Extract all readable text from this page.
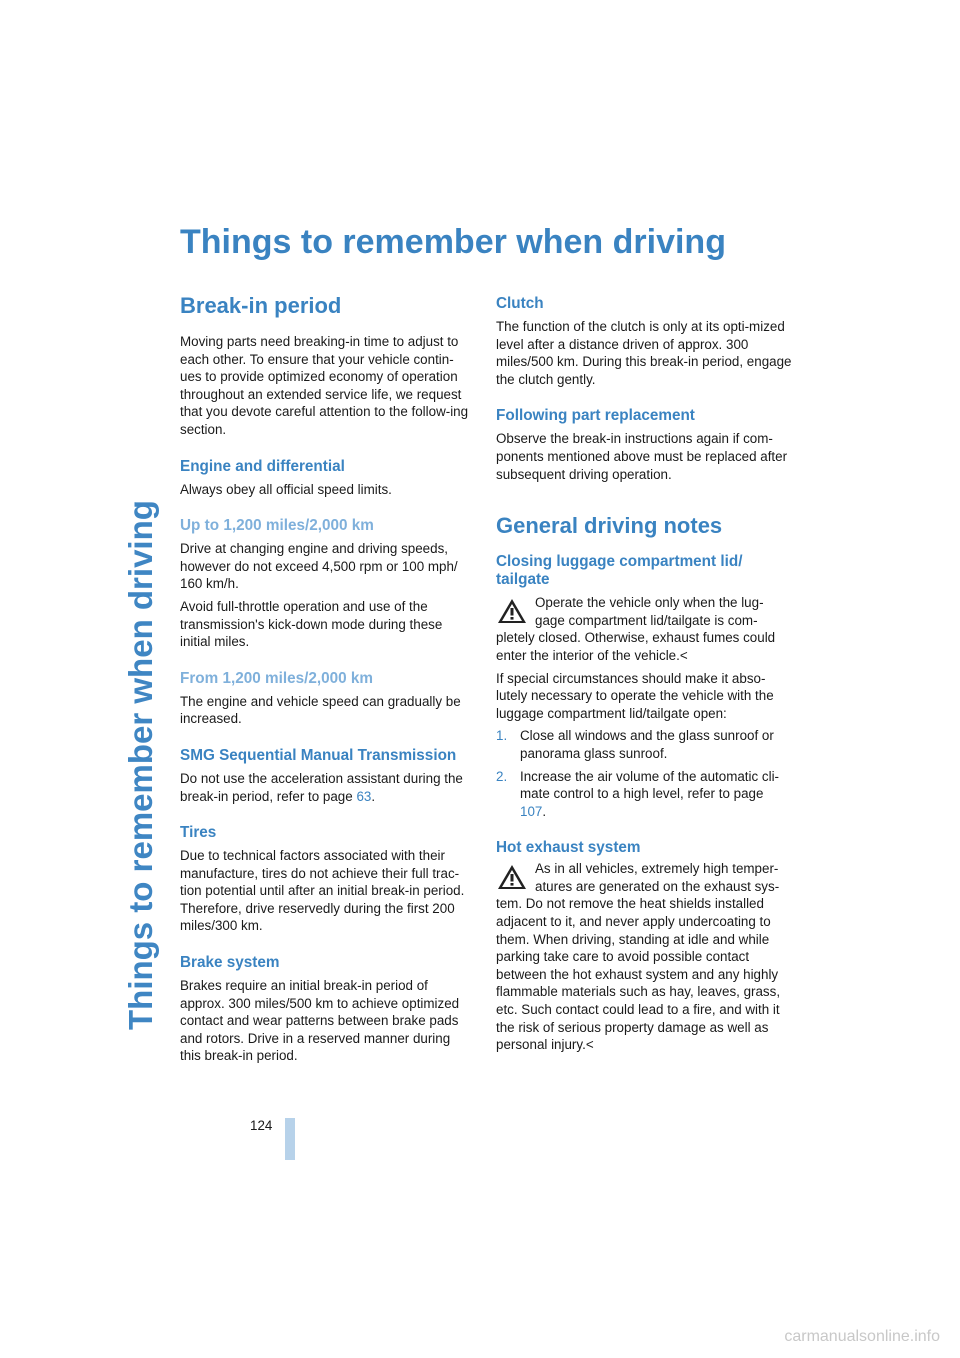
Things to remember when driving
Things to remember when driving
Break-in period

Moving parts need breaking-in time to adjust to each other. To ensure that your vehicle contin-ues to provide optimized economy of operation throughout an extended service life, we request that you devote careful attention to the follow-ing section.

Engine and differential

Always obey all official speed limits.

Up to 1,200 miles/2,000 km

Drive at changing engine and driving speeds, however do not exceed 4,500 rpm or 100 mph/ 160 km/h.

Avoid full-throttle operation and use of the transmission's kick-down mode during these initial miles.

From 1,200 miles/2,000 km

The engine and vehicle speed can gradually be increased.

SMG Sequential Manual Transmission

Do not use the acceleration assistant during the break-in period, refer to page 63.

Tires

Due to technical factors associated with their manufacture, tires do not achieve their full trac-tion potential until after an initial break-in period. Therefore, drive reservedly during the first 200 miles/300 km.

Brake system

Brakes require an initial break-in period of approx. 300 miles/500 km to achieve optimized contact and wear patterns between brake pads and rotors. Drive in a reserved manner during this break-in period.

Clutch

The function of the clutch is only at its opti-mized level after a distance driven of approx. 300 miles/500 km. During this break-in period, engage the clutch gently.

Following part replacement

Observe the break-in instructions again if com-ponents mentioned above must be replaced after subsequent driving operation.

General driving notes
Closing luggage compartment lid/ tailgate

Operate the vehicle only when the lug-gage compartment lid/tailgate is com-pletely closed. Otherwise, exhaust fumes could enter the interior of the vehicle.<

If special circumstances should make it abso-lutely necessary to operate the vehicle with the luggage compartment lid/tailgate open:

1. Close all windows and the glass sunroof or panorama glass sunroof.
2. Increase the air volume of the automatic cli-mate control to a high level, refer to page 107.
Hot exhaust system

As in all vehicles, extremely high temper-atures are generated on the exhaust sys-tem. Do not remove the heat shields installed adjacent to it, and never apply undercoating to them. When driving, standing at idle and while parking take care to avoid possible contact between the hot exhaust system and any highly flammable materials such as hay, leaves, grass, etc. Such contact could lead to a fire, and with it the risk of serious property damage as well as personal injury.<

124
carmanualsonline.info
